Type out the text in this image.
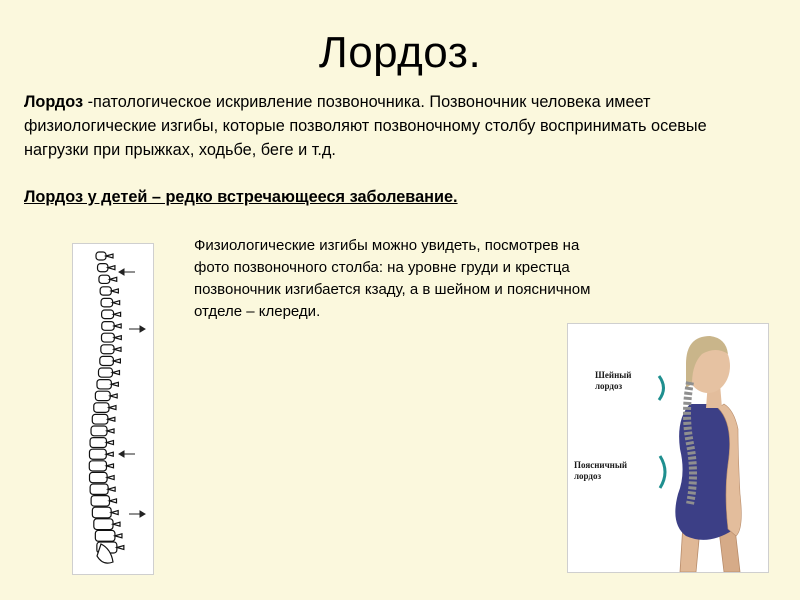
Лордоз.
Лордоз -патологическое искривление позвоночника. Позвоночник человека имеет физиологические изгибы, которые позволяют позвоночному столбу воспринимать осевые нагрузки при прыжках, ходьбе, беге и т.д.
Лордоз у детей – редко встречающееся заболевание.
Физиологические изгибы можно увидеть, посмотрев на фото позвоночного столба: на уровне груди и крестца позвоночник изгибается кзаду, а в шейном и поясничном отделе – клереди.
Шейный
лордоз
Поясничный
лордоз
